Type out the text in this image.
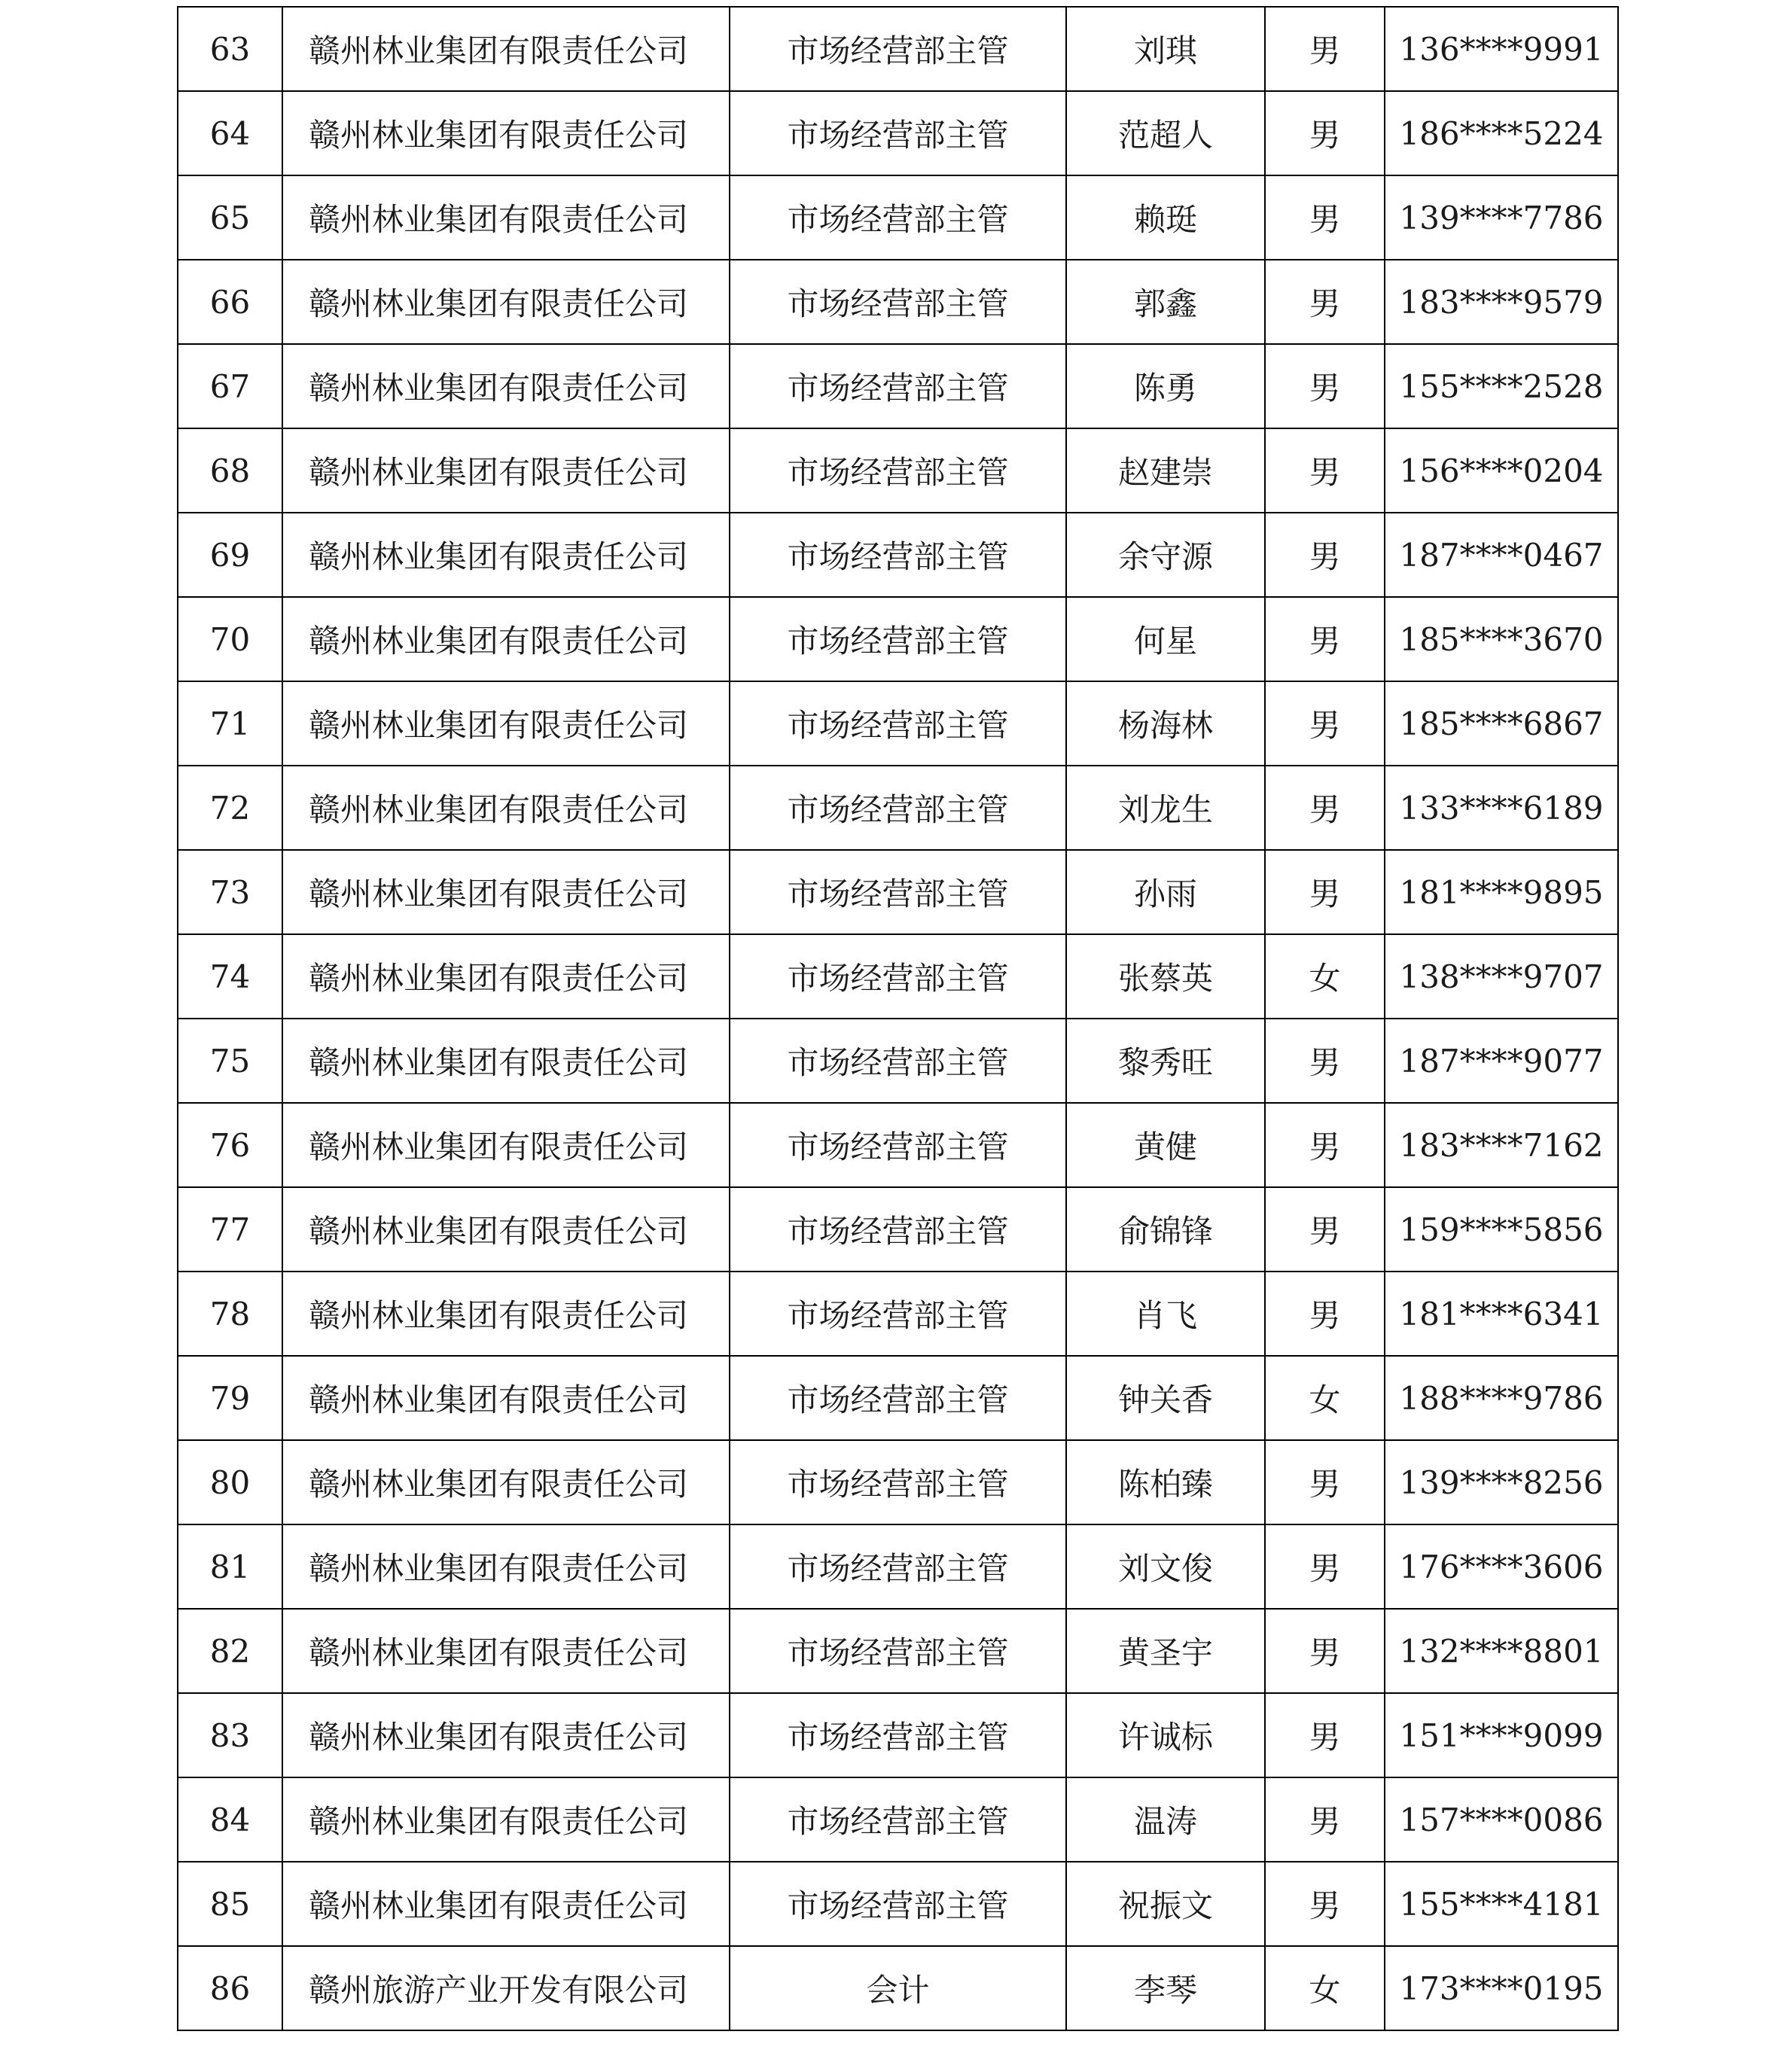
63	赣州林业集团有限责任公司	市场经营部主管	刘琪	男	136****9991
64	赣州林业集团有限责任公司	市场经营部主管	范超人	男	186****5224
65	赣州林业集团有限责任公司	市场经营部主管	赖珽	男	139****7786
66	赣州林业集团有限责任公司	市场经营部主管	郭鑫	男	183****9579
67	赣州林业集团有限责任公司	市场经营部主管	陈勇	男	155****2528
68	赣州林业集团有限责任公司	市场经营部主管	赵建崇	男	156****0204
69	赣州林业集团有限责任公司	市场经营部主管	余守源	男	187****0467
70	赣州林业集团有限责任公司	市场经营部主管	何星	男	185****3670
71	赣州林业集团有限责任公司	市场经营部主管	杨海林	男	185****6867
72	赣州林业集团有限责任公司	市场经营部主管	刘龙生	男	133****6189
73	赣州林业集团有限责任公司	市场经营部主管	孙雨	男	181****9895
74	赣州林业集团有限责任公司	市场经营部主管	张蔡英	女	138****9707
75	赣州林业集团有限责任公司	市场经营部主管	黎秀旺	男	187****9077
76	赣州林业集团有限责任公司	市场经营部主管	黄健	男	183****7162
77	赣州林业集团有限责任公司	市场经营部主管	俞锦锋	男	159****5856
78	赣州林业集团有限责任公司	市场经营部主管	肖飞	男	181****6341
79	赣州林业集团有限责任公司	市场经营部主管	钟关香	女	188****9786
80	赣州林业集团有限责任公司	市场经营部主管	陈柏臻	男	139****8256
81	赣州林业集团有限责任公司	市场经营部主管	刘文俊	男	176****3606
82	赣州林业集团有限责任公司	市场经营部主管	黄圣宇	男	132****8801
83	赣州林业集团有限责任公司	市场经营部主管	许诚标	男	151****9099
84	赣州林业集团有限责任公司	市场经营部主管	温涛	男	157****0086
85	赣州林业集团有限责任公司	市场经营部主管	祝振文	男	155****4181
86	赣州旅游产业开发有限公司	会计	李琴	女	173****0195
